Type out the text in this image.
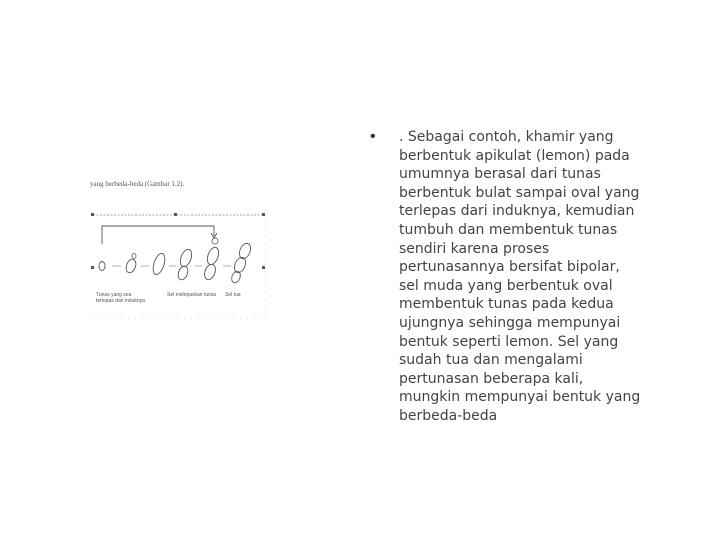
yang berbeda-beda (Gambar 1.2).
Tunas yang sea terlepas dari induknya
Sel melepaskan tunas Sel tua
• . Sebagai contoh, khamir yang
berbentuk apikulat (lemon) pada
umumnya berasal dari tunas
berbentuk bulat sampai oval yang
terlepas dari induknya, kemudian
tumbuh dan membentuk tunas
sendiri karena proses
pertunasannya bersifat bipolar,
sel muda yang berbentuk oval
membentuk tunas pada kedua
ujungnya sehingga mempunyai
bentuk seperti lemon. Sel yang
sudah tua dan mengalami
pertunasan beberapa kali,
mungkin mempunyai bentuk yang
berbeda-beda
